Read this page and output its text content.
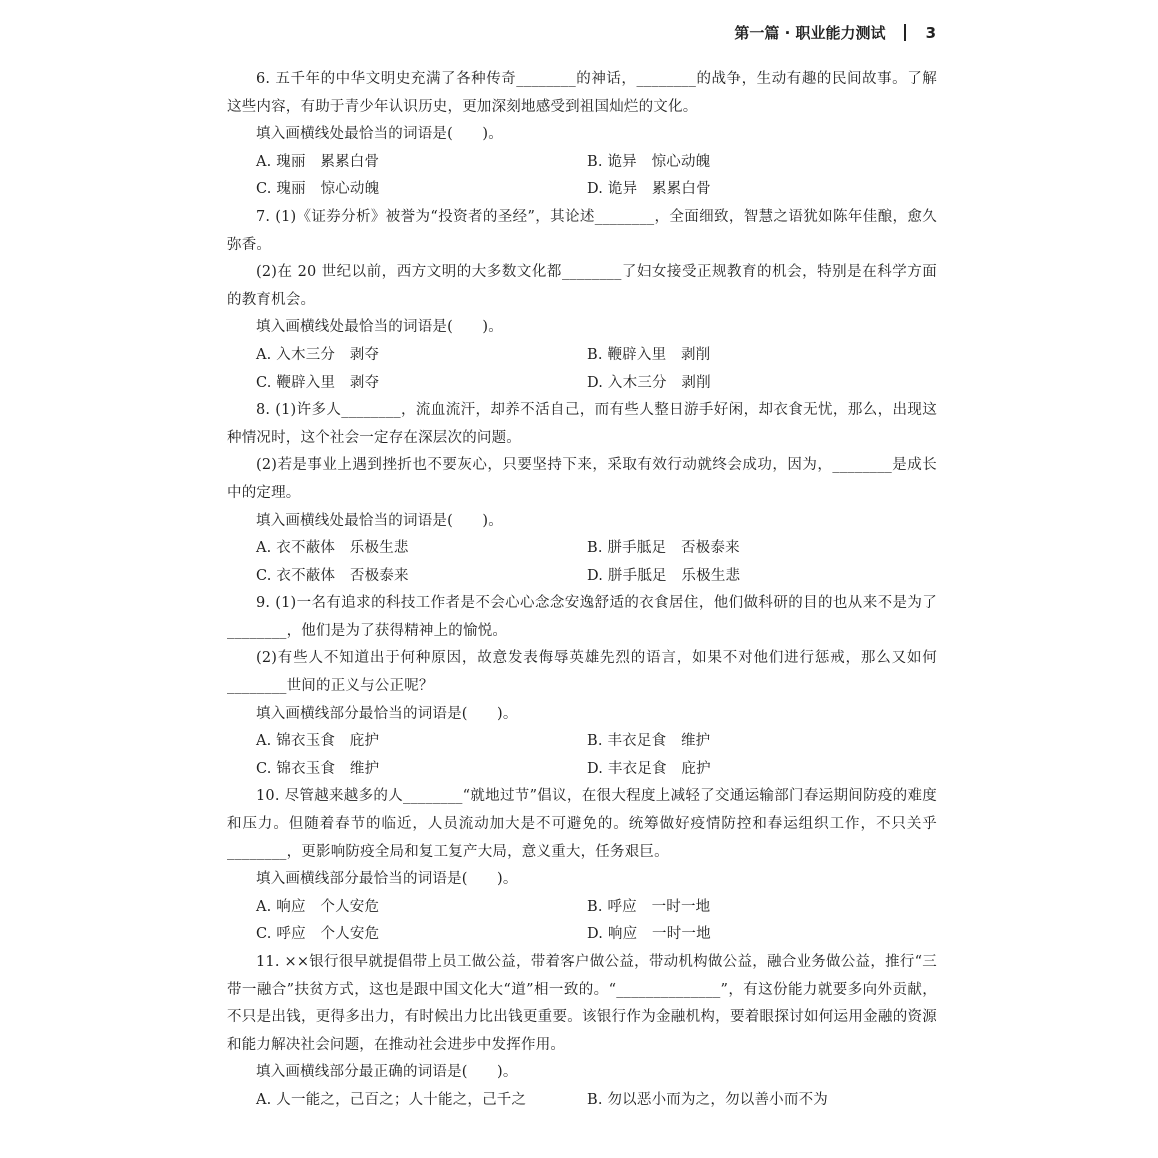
第一篇 · 职业能力测试	3

6. 五千年的中华文明史充满了各种传奇________的神话，________的战争，生动有趣的民间故事。了解这些内容，有助于青少年认识历史，更加深刻地感受到祖国灿烂的文化。

填入画横线处最恰当的词语是(　　)。

A. 瑰丽　累累白骨	B. 诡异　惊心动魄
C. 瑰丽　惊心动魄	D. 诡异　累累白骨

7. (1)《证券分析》被誉为“投资者的圣经”，其论述________，全面细致，智慧之语犹如陈年佳酿，愈久弥香。

(2)在 20 世纪以前，西方文明的大多数文化都________了妇女接受正规教育的机会，特别是在科学方面的教育机会。

填入画横线处最恰当的词语是(　　)。

A. 入木三分　剥夺	B. 鞭辟入里　剥削
C. 鞭辟入里　剥夺	D. 入木三分　剥削

8. (1)许多人________，流血流汗，却养不活自己，而有些人整日游手好闲，却衣食无忧，那么，出现这种情况时，这个社会一定存在深层次的问题。

(2)若是事业上遇到挫折也不要灰心，只要坚持下来，采取有效行动就终会成功，因为，________是成长中的定理。

填入画横线处最恰当的词语是(　　)。

A. 衣不蔽体　乐极生悲	B. 胼手胝足　否极泰来
C. 衣不蔽体　否极泰来	D. 胼手胝足　乐极生悲

9. (1)一名有追求的科技工作者是不会心心念念安逸舒适的衣食居住，他们做科研的目的也从来不是为了________，他们是为了获得精神上的愉悦。

(2)有些人不知道出于何种原因，故意发表侮辱英雄先烈的语言，如果不对他们进行惩戒，那么又如何________世间的正义与公正呢？

填入画横线部分最恰当的词语是(　　)。

A. 锦衣玉食　庇护	B. 丰衣足食　维护
C. 锦衣玉食　维护	D. 丰衣足食　庇护

10. 尽管越来越多的人________“就地过节”倡议，在很大程度上减轻了交通运输部门春运期间防疫的难度和压力。但随着春节的临近，人员流动加大是不可避免的。统筹做好疫情防控和春运组织工作，不只关乎________，更影响防疫全局和复工复产大局，意义重大，任务艰巨。

填入画横线部分最恰当的词语是(　　)。

A. 响应　个人安危	B. 呼应　一时一地
C. 呼应　个人安危	D. 响应　一时一地

11. ××银行很早就提倡带上员工做公益，带着客户做公益，带动机构做公益，融合业务做公益，推行“三带一融合”扶贫方式，这也是跟中国文化大“道”相一致的。“______________”，有这份能力就要多向外贡献，不只是出钱，更得多出力，有时候出力比出钱更重要。该银行作为金融机构，要着眼探讨如何运用金融的资源和能力解决社会问题，在推动社会进步中发挥作用。

填入画横线部分最正确的词语是(　　)。

A. 人一能之，己百之；人十能之，己千之	B. 勿以恶小而为之，勿以善小而不为
